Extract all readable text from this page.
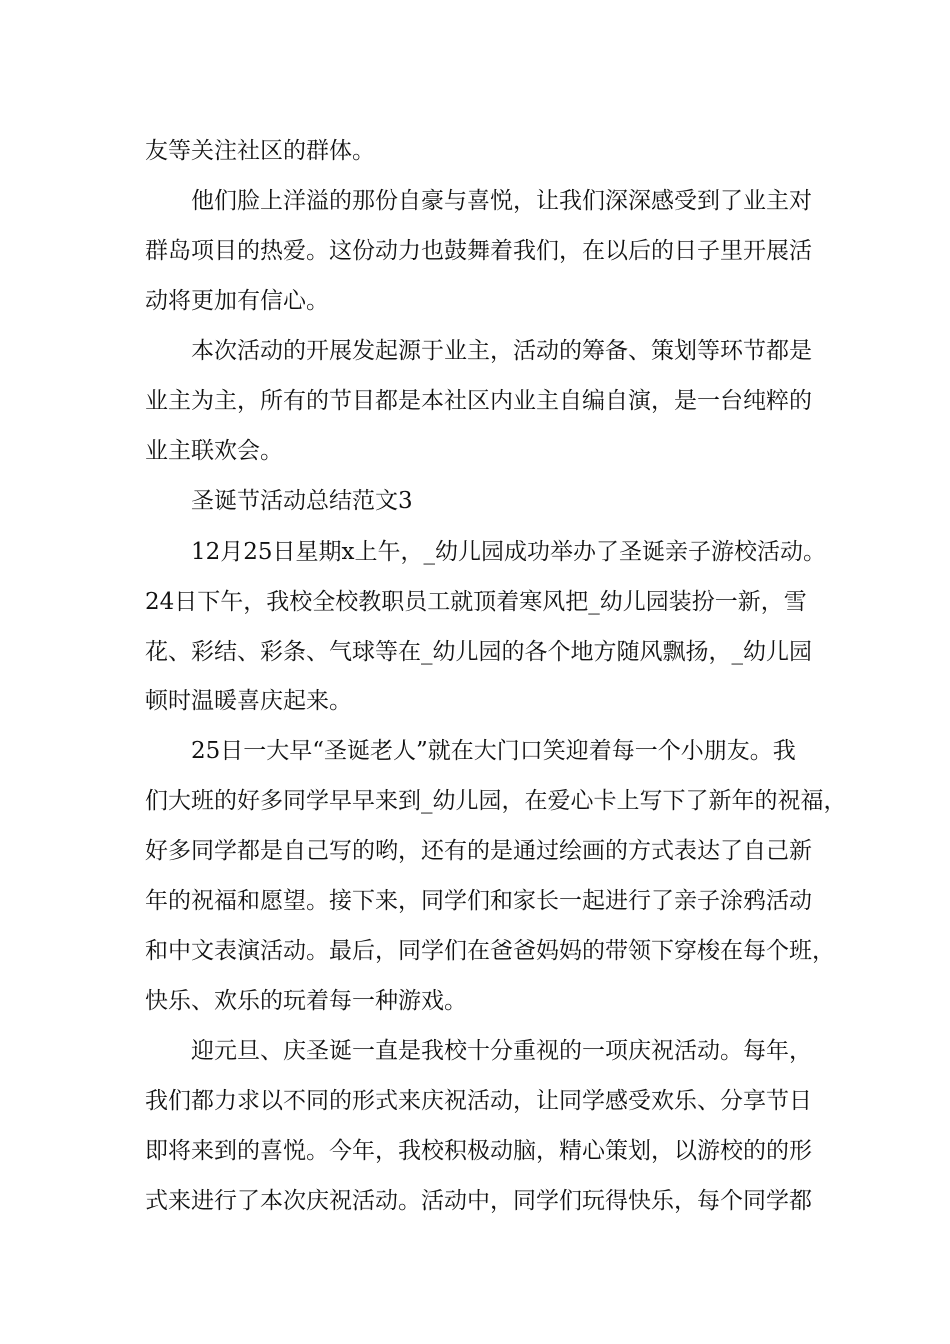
友等关注社区的群体。
他们脸上洋溢的那份自豪与喜悦，让我们深深感受到了业主对
群岛项目的热爱。这份动力也鼓舞着我们，在以后的日子里开展活
动将更加有信心。
本次活动的开展发起源于业主，活动的筹备、策划等环节都是
业主为主，所有的节目都是本社区内业主自编自演，是一台纯粹的
业主联欢会。
圣诞节活动总结范文3
12月25日星期x上午，_幼儿园成功举办了圣诞亲子游校活动。
24日下午，我校全校教职员工就顶着寒风把_幼儿园装扮一新，雪
花、彩结、彩条、气球等在_幼儿园的各个地方随风飘扬，_幼儿园
顿时温暖喜庆起来。
25日一大早“圣诞老人”就在大门口笑迎着每一个小朋友。我
们大班的好多同学早早来到_幼儿园，在爱心卡上写下了新年的祝福，
好多同学都是自己写的哟，还有的是通过绘画的方式表达了自己新
年的祝福和愿望。接下来，同学们和家长一起进行了亲子涂鸦活动
和中文表演活动。最后，同学们在爸爸妈妈的带领下穿梭在每个班，
快乐、欢乐的玩着每一种游戏。
迎元旦、庆圣诞一直是我校十分重视的一项庆祝活动。每年，
我们都力求以不同的形式来庆祝活动，让同学感受欢乐、分享节日
即将来到的喜悦。今年，我校积极动脑，精心策划，以游校的的形
式来进行了本次庆祝活动。活动中，同学们玩得快乐，每个同学都
